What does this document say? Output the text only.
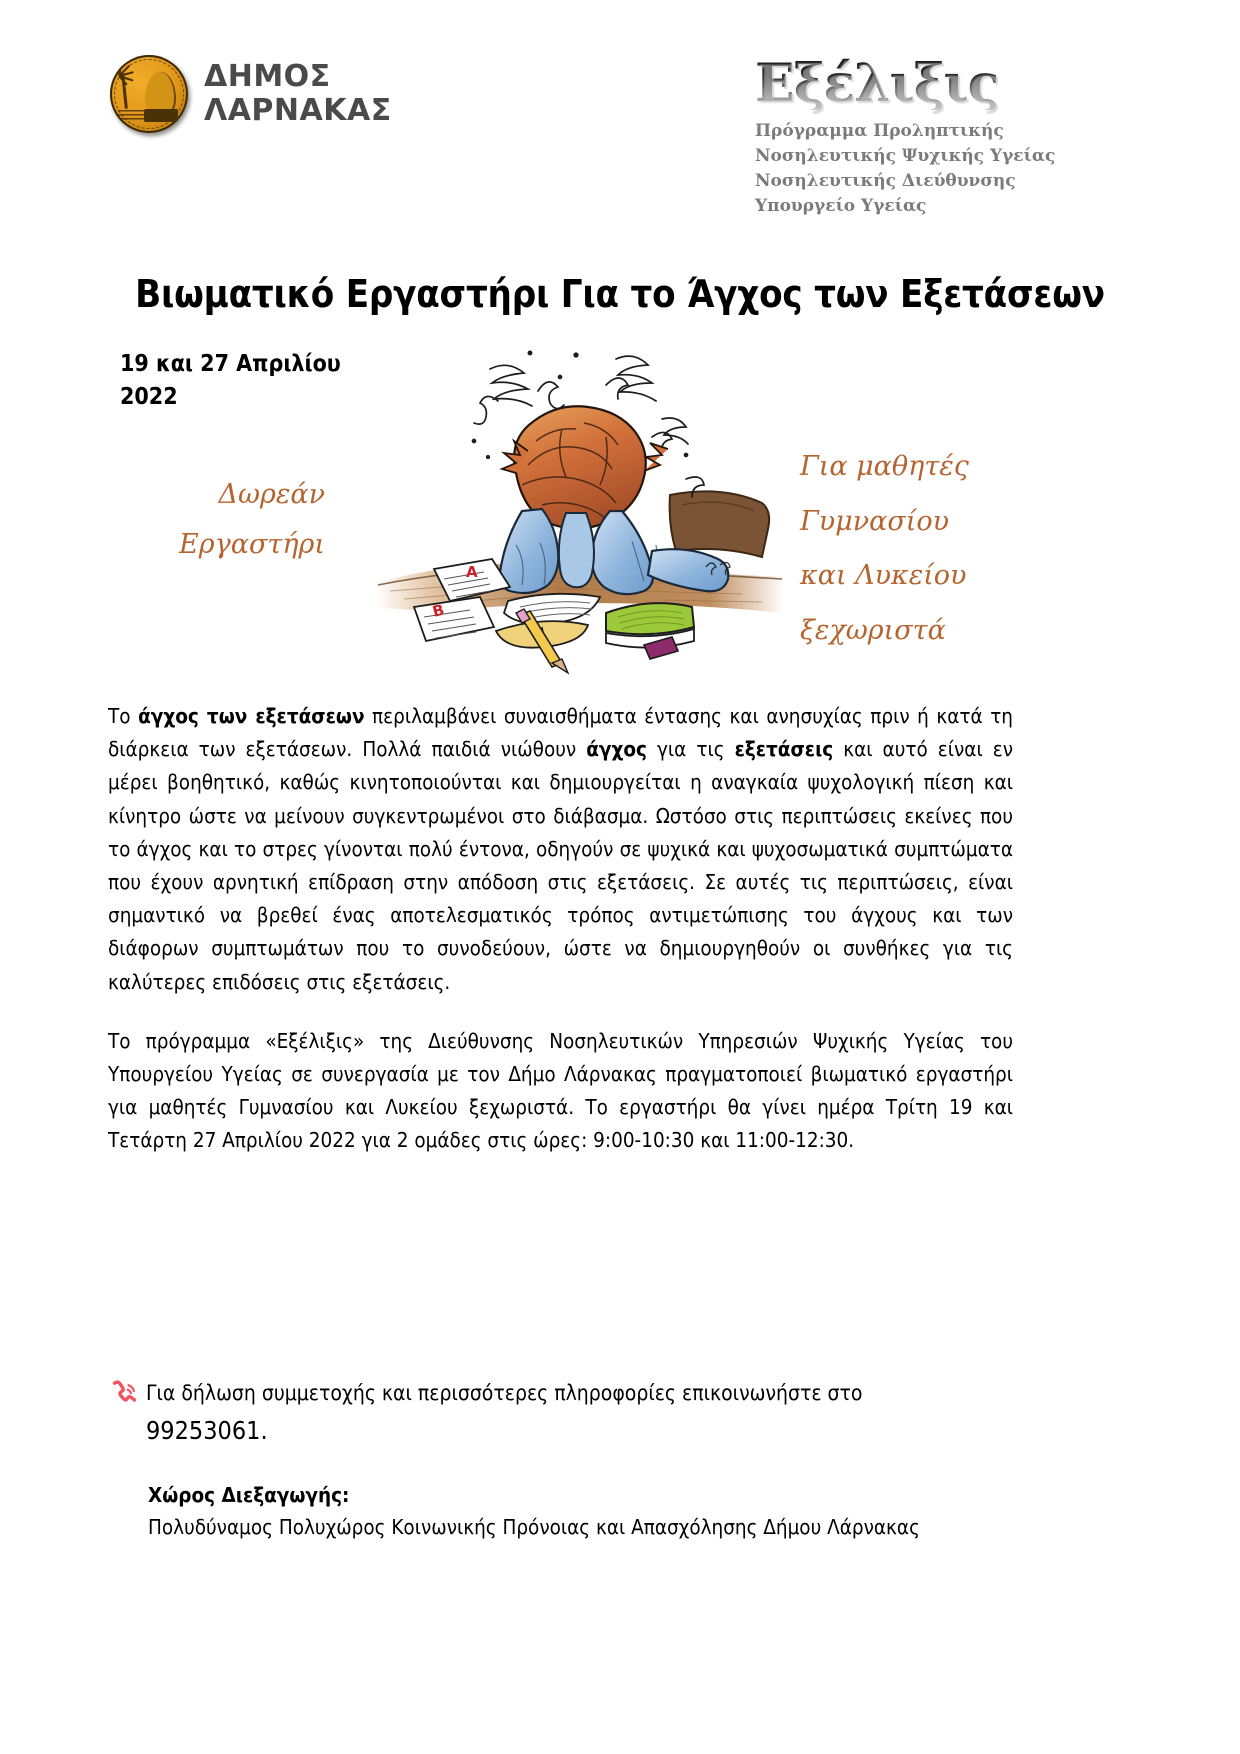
ΔΗΜΟΣ
ΛΑΡΝΑΚΑΣ	Εξέλιξις
Πρόγραμμα Προληπτικής
Νοσηλευτικής Ψυχικής Υγείας
Νοσηλευτικής Διεύθυνσης
Υπουργείο Υγείας
Βιωματικό Εργαστήρι Για το Άγχος των Εξετάσεων
19 και 27 Απριλίου
2022
Δωρεάν
Εργαστήρι
Για μαθητές
Γυμνασίου
και Λυκείου
ξεχωριστά
A
B

Το άγχος των εξετάσεων περιλαμβάνει συναισθήματα έντασης και ανησυχίας πριν ή κατά τη διάρκεια των εξετάσεων. Πολλά παιδιά νιώθουν άγχος για τις εξετάσεις και αυτό είναι εν μέρει βοηθητικό, καθώς κινητοποιούνται και δημιουργείται η αναγκαία ψυχολογική πίεση και κίνητρο ώστε να μείνουν συγκεντρωμένοι στο διάβασμα. Ωστόσο στις περιπτώσεις εκείνες που το άγχος και το στρες γίνονται πολύ έντονα, οδηγούν σε ψυχικά και ψυχοσωματικά συμπτώματα που έχουν αρνητική επίδραση στην απόδοση στις εξετάσεις. Σε αυτές τις περιπτώσεις, είναι σημαντικό να βρεθεί ένας αποτελεσματικός τρόπος αντιμετώπισης του άγχους και των διάφορων συμπτωμάτων που το συνοδεύουν, ώστε να δημιουργηθούν οι συνθήκες για τις καλύτερες επιδόσεις στις εξετάσεις.

Το πρόγραμμα «Εξέλιξις» της Διεύθυνσης Νοσηλευτικών Υπηρεσιών Ψυχικής Υγείας του Υπουργείου Υγείας σε συνεργασία με τον Δήμο Λάρνακας πραγματοποιεί βιωματικό εργαστήρι για μαθητές Γυμνασίου και Λυκείου ξεχωριστά. Το εργαστήρι θα γίνει ημέρα Τρίτη 19 και Τετάρτη 27 Απριλίου 2022 για 2 ομάδες στις ώρες: 9:00-10:30 και 11:00-12:30.

Για δήλωση συμμετοχής και περισσότερες πληροφορίες επικοινωνήστε στο
99253061.
Χώρος Διεξαγωγής:
Πολυδύναμος Πολυχώρος Κοινωνικής Πρόνοιας και Απασχόλησης Δήμου Λάρνακας
